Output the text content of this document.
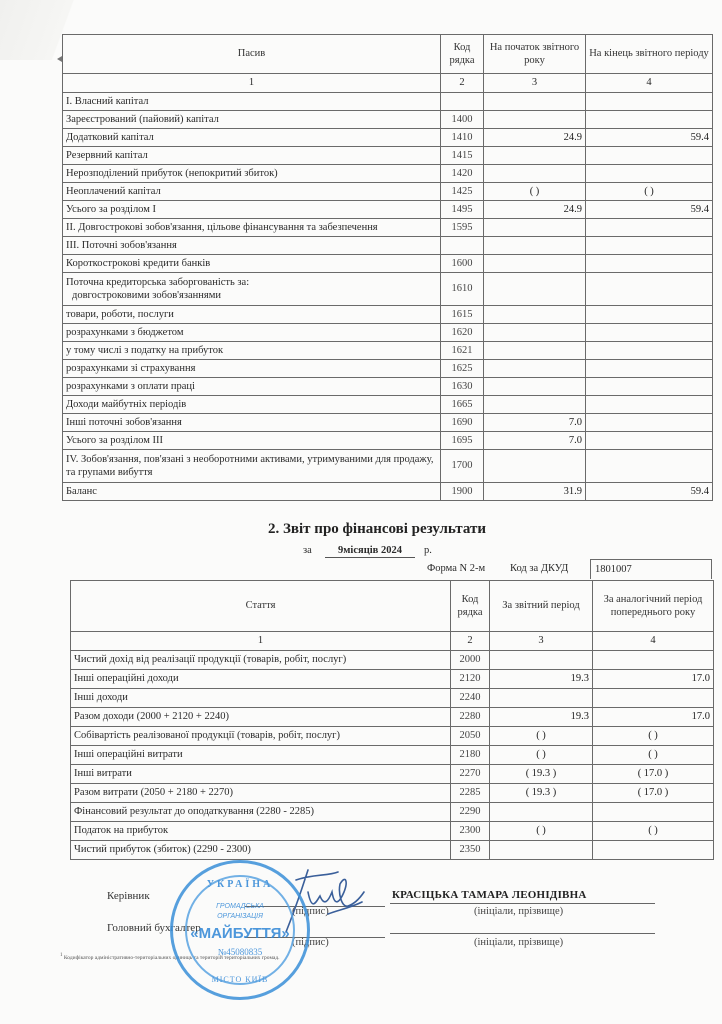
Пасив	Код рядка	На початок звітного року	На кінець звітного періоду
1	2	3	4
I. Власний капітал			
Зареєстрований (пайовий) капітал	1400		
Додатковий капітал	1410	24.9	59.4
Резервний капітал	1415		
Нерозподілений прибуток (непокритий збиток)	1420		
Неоплачений капітал	1425	( )	( )
Усього за розділом І	1495	24.9	59.4
II. Довгострокові зобов'язання, цільове фінансування та забезпечення	1595		
III. Поточні зобов'язання			
Короткострокові кредити банків	1600		

Поточна кредиторська заборгованість за:
довгостроковими зобов'язаннями	1610		
товари, роботи, послуги	1615		
розрахунками з бюджетом	1620		
у тому числі з податку на прибуток	1621		
розрахунками зі страхування	1625		
розрахунками з оплати праці	1630		
Доходи майбутніх періодів	1665		
Інші поточні зобов'язання	1690	7.0	
Усього за розділом ІІІ	1695	7.0	
IV. Зобов'язання, пов'язані з необоротними активами, утримуваними для продажу, та групами вибуття	1700		
Баланс	1900	31.9	59.4
2. Звіт про фінансові результати
за	9місяців 2024	р.
Форма N 2-м Код за ДКУД	1801007
Стаття	Код рядка	За звітний період	За аналогічний період попереднього року
1	2	3	4
Чистий дохід від реалізації продукції (товарів, робіт, послуг)	2000		
Інші операційні доходи	2120	19.3	17.0
Інші доходи	2240		
Разом доходи (2000 + 2120 + 2240)	2280	19.3	17.0
Собівартість реалізованої продукції (товарів, робіт, послуг)	2050	( )	( )
Інші операційні витрати	2180	( )	( )
Інші витрати	2270	( 19.3 )	( 17.0 )
Разом витрати (2050 + 2180 + 2270)	2285	( 19.3 )	( 17.0 )
Фінансовий результат до оподаткування (2280 - 2285)	2290		
Податок на прибуток	2300	( )	( )
Чистий прибуток (збиток) (2290 - 2300)	2350		
Керівник
(підпис)
КРАСІЦЬКА ТАМАРА ЛЕОНІДІВНА
(ініціали, прізвище)
Головний бухгалтер
(підпис)	(ініціали, прізвище)
$^1$ Кодифікатор адміністративно-територіальних одиниць та територій територіальних громад.
УКРАЇНА
ГРОМАДСЬКА
ОРГАНІЗАЦІЯ
«МАЙБУТТЯ»
№45080835
МІСТО КИЇВ
